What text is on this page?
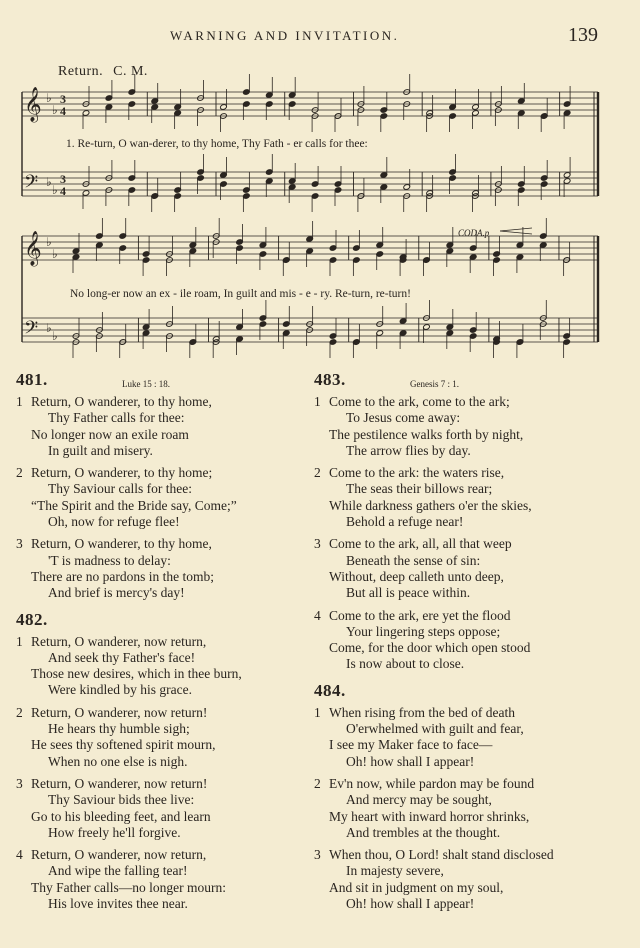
WARNING AND INVITATION.	139
Return. C. M.
𝄞 ♭
♭
3
4
𝄢 ♭
♭
3
4
𝄞 ♭
♭
𝄢 ♭
♭
1. Re-turn, O wan-derer, to thy home, Thy Fath - er calls for thee:
No long-er now an ex - ile roam, In guilt and mis - e - ry. Re-turn, re-turn!
CODA.p
481.	Luke 15 : 18.
1 Return, O wanderer, to thy home,
Thy Father calls for thee:
No longer now an exile roam
In guilt and misery.
2 Return, O wanderer, to thy home;
Thy Saviour calls for thee:
“The Spirit and the Bride say, Come;”
Oh, now for refuge flee!
3 Return, O wanderer, to thy home,
'T is madness to delay:
There are no pardons in the tomb;
And brief is mercy's day!
482.
1 Return, O wanderer, now return,
And seek thy Father's face!
Those new desires, which in thee burn,
Were kindled by his grace.
2 Return, O wanderer, now return!
He hears thy humble sigh;
He sees thy softened spirit mourn,
When no one else is nigh.
3 Return, O wanderer, now return!
Thy Saviour bids thee live:
Go to his bleeding feet, and learn
How freely he'll forgive.
4 Return, O wanderer, now return,
And wipe the falling tear!
Thy Father calls—no longer mourn:
His love invites thee near.
483.	Genesis 7 : 1.
1 Come to the ark, come to the ark;
To Jesus come away:
The pestilence walks forth by night,
The arrow flies by day.
2 Come to the ark: the waters rise,
The seas their billows rear;
While darkness gathers o'er the skies,
Behold a refuge near!
3 Come to the ark, all, all that weep
Beneath the sense of sin:
Without, deep calleth unto deep,
But all is peace within.
4 Come to the ark, ere yet the flood
Your lingering steps oppose;
Come, for the door which open stood
Is now about to close.
484.
1 When rising from the bed of death
O'erwhelmed with guilt and fear,
I see my Maker face to face—
Oh! how shall I appear!
2 Ev'n now, while pardon may be found
And mercy may be sought,
My heart with inward horror shrinks,
And trembles at the thought.
3 When thou, O Lord! shalt stand disclosed
In majesty severe,
And sit in judgment on my soul,
Oh! how shall I appear!
